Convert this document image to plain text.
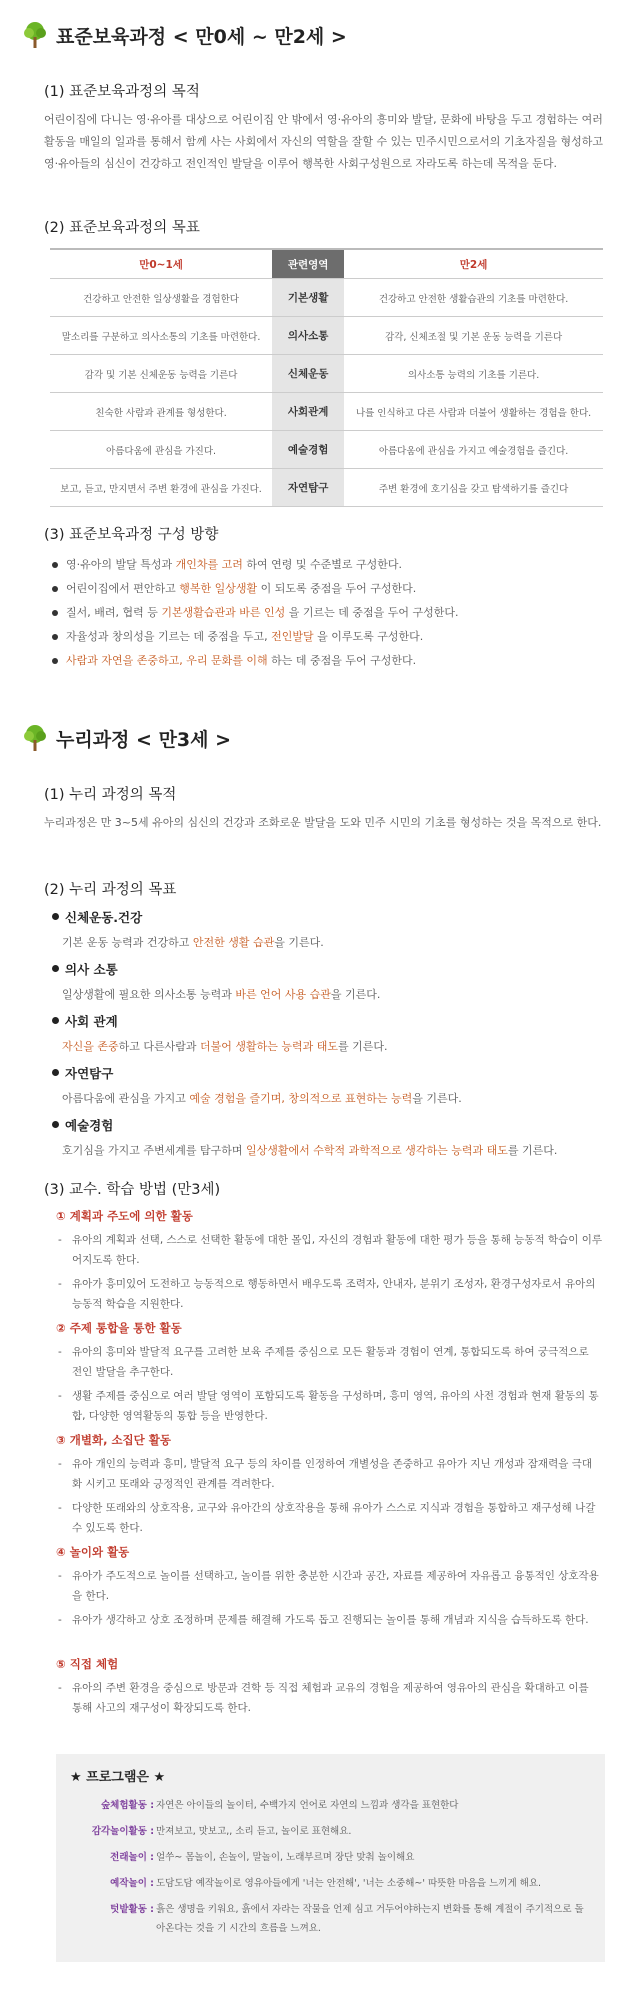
표준보육과정 < 만0세 ~ 만2세 >
(1) 표준보육과정의 목적
어린이집에 다니는 영·유아를 대상으로 어린이집 안 밖에서 영·유아의 흥미와 발달, 문화에 바탕을 두고 경험하는 여러 활동을 매일의 일과를 통해서 함께 사는 사회에서 자신의 역할을 잘할 수 있는 민주시민으로서의 기초자질을 형성하고 영·유아들의 심신이 건강하고 전인적인 발달을 이루어 행복한 사회구성원으로 자라도록 하는데 목적을 둔다.
(2) 표준보육과정의 목표
만0~1세	관련영역	만2세
건강하고 안전한 일상생활을 경험한다	기본생활	건강하고 안전한 생활습관의 기초를 마련한다.
말소리를 구분하고 의사소통의 기초를 마련한다.	의사소통	감각, 신체조절 및 기본 운동 능력을 기른다
감각 및 기본 신체운동 능력을 기른다	신체운동	의사소통 능력의 기초를 기른다.
친숙한 사람과 관계를 형성한다.	사회관계	나를 인식하고 다른 사람과 더불어 생활하는 경험을 한다.
아름다움에 관심을 가진다.	예술경험	아름다움에 관심을 가지고 예술경험을 즐긴다.
보고, 듣고, 만지면서 주변 환경에 관심을 가진다.	자연탐구	주변 환경에 호기심을 갖고 탐색하기를 즐긴다
(3) 표준보육과정 구성 방향
영·유아의 발달 특성과 개인차를 고려 하여 연령 및 수준별로 구성한다.
어린이집에서 편안하고 행복한 일상생활 이 되도록 중점을 두어 구성한다.
질서, 배려, 협력 등 기본생활습관과 바른 인성 을 기르는 데 중점을 두어 구성한다.
자율성과 창의성을 기르는 데 중점을 두고, 전인발달 을 이루도록 구성한다.
사람과 자연을 존중하고, 우리 문화를 이해 하는 데 중점을 두어 구성한다.
누리과정 < 만3세 >
(1) 누리 과정의 목적
누리과정은 만 3~5세 유아의 심신의 건강과 조화로운 발달을 도와 민주 시민의 기초를 형성하는 것을 목적으로 한다.
(2) 누리 과정의 목표
신체운동.건강
기본 운동 능력과 건강하고 안전한 생활 습관을 기른다.
의사 소통
일상생활에 필요한 의사소통 능력과 바른 언어 사용 습관을 기른다.
사회 관계
자신을 존중하고 다른사람과 더불어 생활하는 능력과 태도를 기른다.
자연탐구
아름다움에 관심을 가지고 예술 경험을 즐기며, 창의적으로 표현하는 능력을 기른다.
예술경험
호기심을 가지고 주변세계를 탐구하며 일상생활에서 수학적 과학적으로 생각하는 능력과 태도를 기른다.
(3) 교수. 학습 방법 (만3세)
① 계획과 주도에 의한 활동
- 유아의 계획과 선택, 스스로 선택한 활동에 대한 몰입, 자신의 경험과 활동에 대한 평가 등을 통해 능동적 학습이 이루어지도록 한다.
- 유아가 흥미있어 도전하고 능동적으로 행동하면서 배우도록 조력자, 안내자, 분위기 조성자, 환경구성자로서 유아의 능동적 학습을 지원한다.
② 주제 통합을 통한 활동
- 유아의 흥미와 발달적 요구를 고려한 보육 주제를 중심으로 모든 활동과 경험이 연계, 통합되도록 하여 궁극적으로 전인 발달을 추구한다.
- 생활 주제를 중심으로 여러 발달 영역이 포함되도록 활동을 구성하며, 흥미 영역, 유아의 사전 경험과 현재 활동의 통합, 다양한 영역활동의 통합 등을 반영한다.
③ 개별화, 소집단 활동
- 유아 개인의 능력과 흥미, 발달적 요구 등의 차이를 인정하여 개별성을 존중하고 유아가 지닌 개성과 잠재력을 극대화 시키고 또래와 긍정적인 관계를 격려한다.
- 다양한 또래와의 상호작용, 교구와 유아간의 상호작용을 통해 유아가 스스로 지식과 경험을 통합하고 재구성해 나갈 수 있도록 한다.
④ 놀이와 활동
- 유아가 주도적으로 놀이를 선택하고, 놀이를 위한 충분한 시간과 공간, 자료를 제공하여 자유롭고 융통적인 상호작용을 한다.
- 유아가 생각하고 상호 조정하며 문제를 해결해 가도록 돕고 진행되는 놀이를 통해 개념과 지식을 습득하도록 한다.
⑤ 직접 체험
- 유아의 주변 환경을 중심으로 방문과 견학 등 직접 체험과 교유의 경험을 제공하여 영유아의 관심을 확대하고 이를 통해 사고의 재구성이 확장되도록 한다.
★ 프로그램은 ★
숲체험활동 : 자연은 아이들의 놀이터, 수백가지 언어로 자연의 느낌과 생각을 표현한다
감각놀이활동 : 만져보고, 맛보고,, 소리 듣고, 놀이로 표현해요.
전래놀이 : 얼쑤~ 몸놀이, 손놀이, 말놀이, 노래부르며 장단 맞춰 놀이해요
예작놀이 : 도담도담 예작놀이로 영유아들에게 '너는 안전해', '너는 소중해~' 따뜻한 마음을 느끼게 해요.
텃밭활동 : 흙은 생명을 키워요, 흙에서 자라는 작물을 언제 심고 거두어야하는지 변화를 통해 계절이 주기적으로 돌아온다는 것을 기 시간의 흐름을 느껴요.
